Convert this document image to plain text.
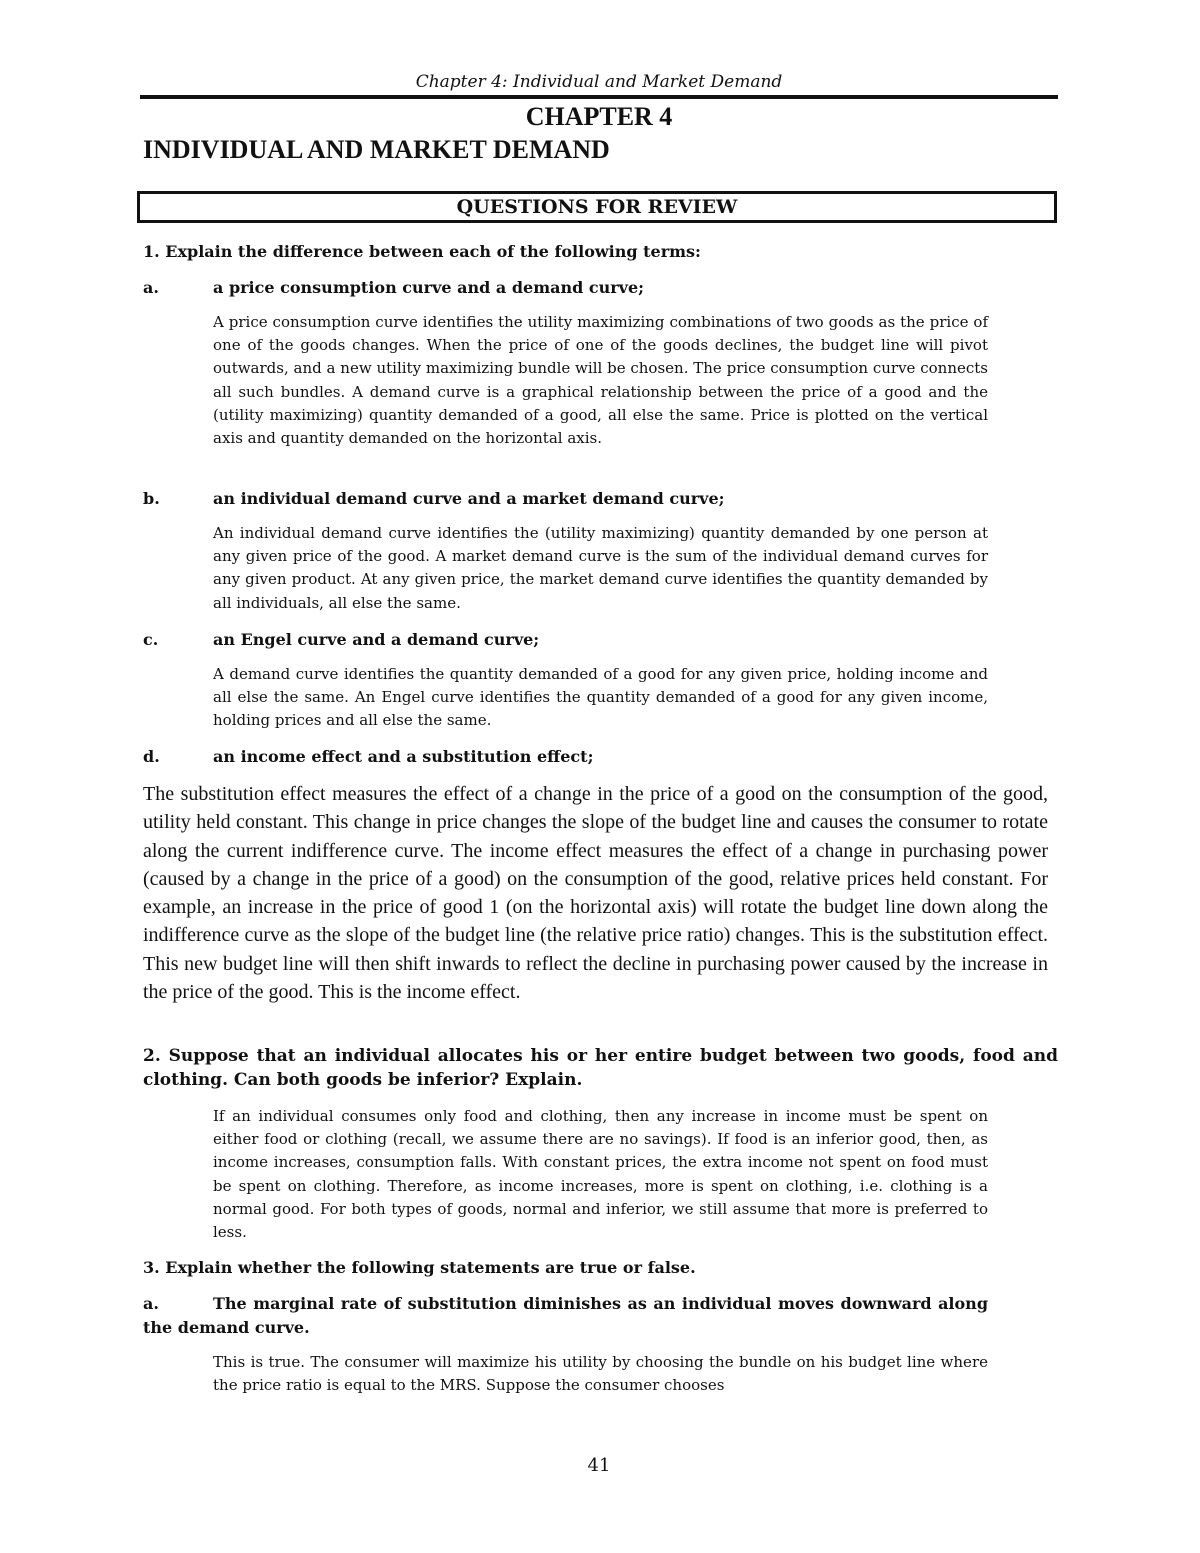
Chapter 4: Individual and Market Demand
CHAPTER 4
INDIVIDUAL AND MARKET DEMAND
QUESTIONS FOR REVIEW
1. Explain the difference between each of the following terms:
a.	a price consumption curve and a demand curve;
A price consumption curve identifies the utility maximizing combinations of two goods as the price of one of the goods changes. When the price of one of the goods declines, the budget line will pivot outwards, and a new utility maximizing bundle will be chosen. The price consumption curve connects all such bundles. A demand curve is a graphical relationship between the price of a good and the (utility maximizing) quantity demanded of a good, all else the same. Price is plotted on the vertical axis and quantity demanded on the horizontal axis.
b.	an individual demand curve and a market demand curve;
An individual demand curve identifies the (utility maximizing) quantity demanded by one person at any given price of the good. A market demand curve is the sum of the individual demand curves for any given product. At any given price, the market demand curve identifies the quantity demanded by all individuals, all else the same.
c.	an Engel curve and a demand curve;
A demand curve identifies the quantity demanded of a good for any given price, holding income and all else the same. An Engel curve identifies the quantity demanded of a good for any given income, holding prices and all else the same.
d.	an income effect and a substitution effect;
The substitution effect measures the effect of a change in the price of a good on the consumption of the good, utility held constant. This change in price changes the slope of the budget line and causes the consumer to rotate along the current indifference curve. The income effect measures the effect of a change in purchasing power (caused by a change in the price of a good) on the consumption of the good, relative prices held constant. For example, an increase in the price of good 1 (on the horizontal axis) will rotate the budget line down along the indifference curve as the slope of the budget line (the relative price ratio) changes. This is the substitution effect. This new budget line will then shift inwards to reflect the decline in purchasing power caused by the increase in the price of the good. This is the income effect.
2. Suppose that an individual allocates his or her entire budget between two goods, food and clothing. Can both goods be inferior? Explain.
If an individual consumes only food and clothing, then any increase in income must be spent on either food or clothing (recall, we assume there are no savings). If food is an inferior good, then, as income increases, consumption falls. With constant prices, the extra income not spent on food must be spent on clothing. Therefore, as income increases, more is spent on clothing, i.e. clothing is a normal good. For both types of goods, normal and inferior, we still assume that more is preferred to less.
3. Explain whether the following statements are true or false.
a.	The marginal rate of substitution diminishes as an individual moves downward along the demand curve.
This is true. The consumer will maximize his utility by choosing the bundle on his budget line where the price ratio is equal to the MRS. Suppose the consumer chooses
41
